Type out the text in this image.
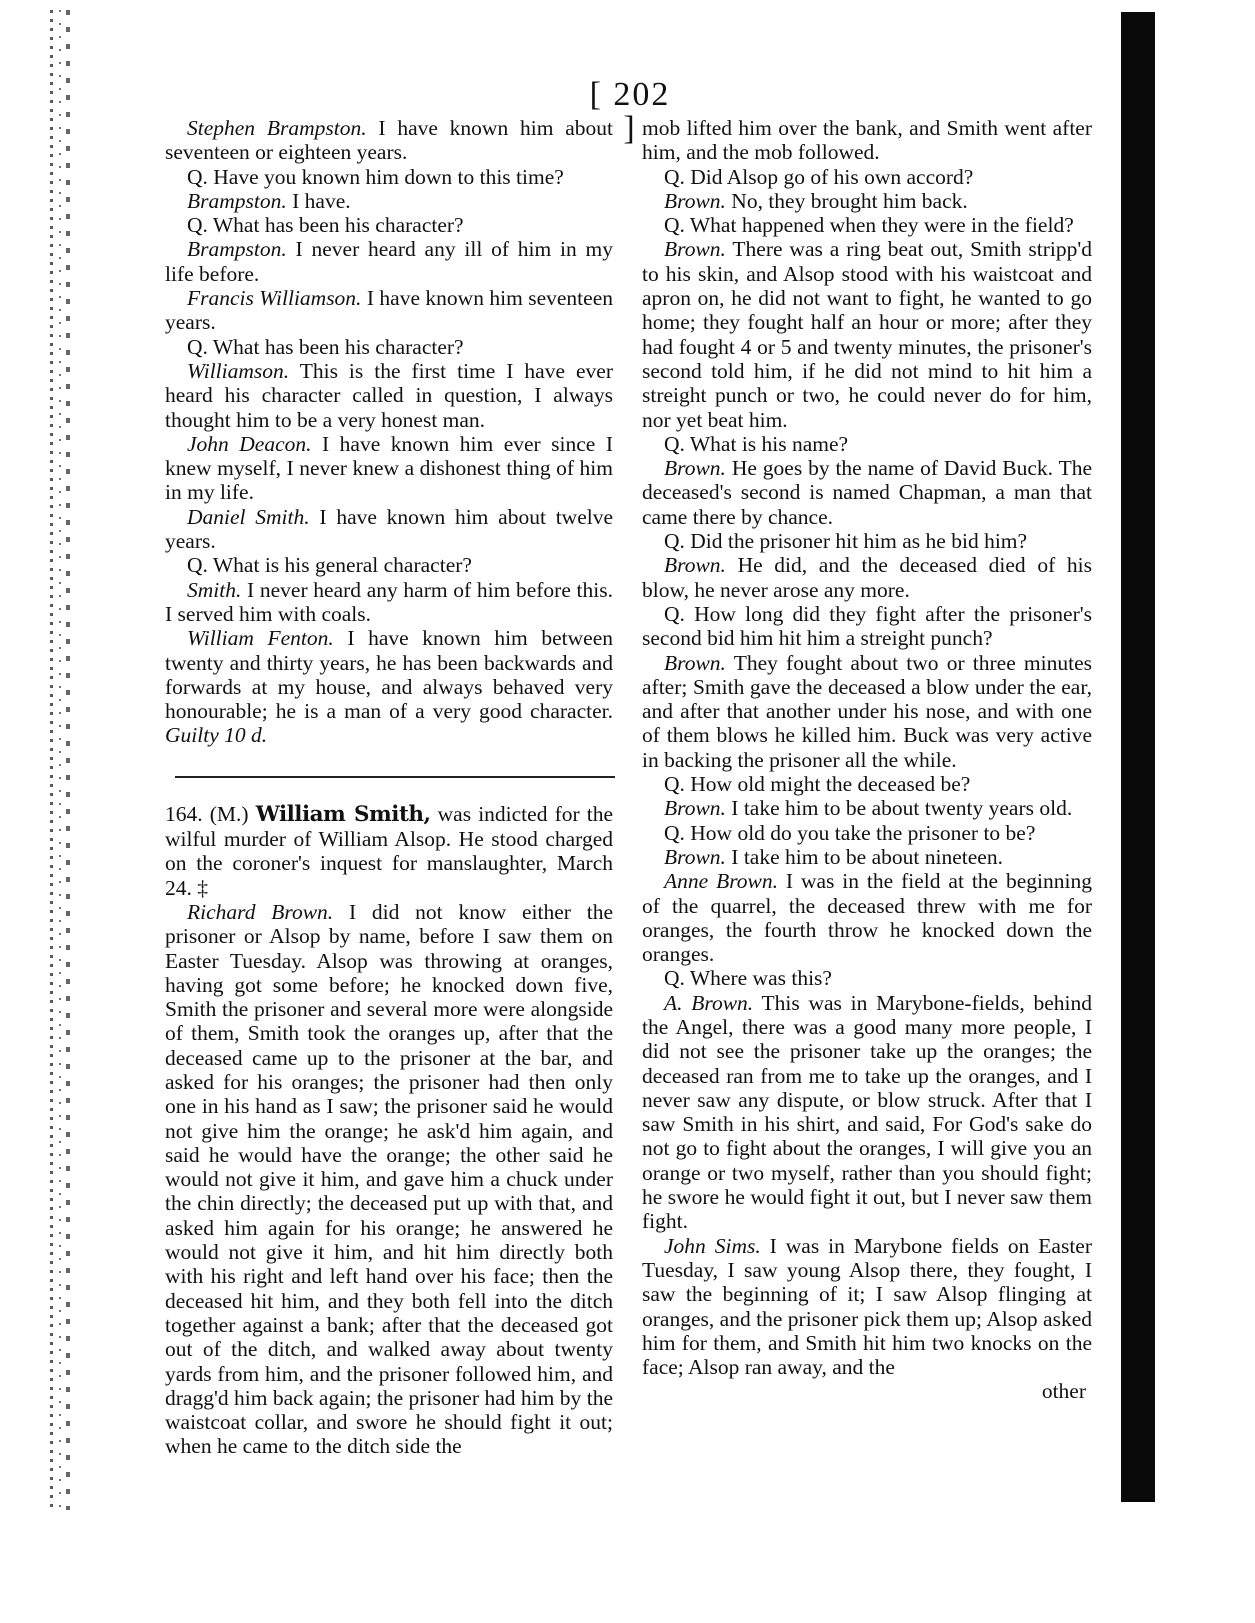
[ 202 ]

Stephen Brampston. I have known him about seventeen or eighteen years.

Q. Have you known him down to this time?

Brampston. I have.

Q. What has been his character?

Brampston. I never heard any ill of him in my life before.

Francis Williamson. I have known him seventeen years.

Q. What has been his character?

Williamson. This is the first time I have ever heard his character called in question, I always thought him to be a very honest man.

John Deacon. I have known him ever since I knew myself, I never knew a dishonest thing of him in my life.

Daniel Smith. I have known him about twelve years.

Q. What is his general character?

Smith. I never heard any harm of him before this. I served him with coals.

William Fenton. I have known him between twenty and thirty years, he has been backwards and forwards at my house, and always behaved very honourable; he is a man of a very good character. Guilty 10 d.

164. (M.) William Smith, was indicted for the wilful murder of William Alsop. He stood charged on the coroner's inquest for manslaughter, March 24. ‡

Richard Brown. I did not know either the prisoner or Alsop by name, before I saw them on Easter Tuesday. Alsop was throwing at oranges, having got some before; he knocked down five, Smith the prisoner and several more were alongside of them, Smith took the oranges up, after that the deceased came up to the prisoner at the bar, and asked for his oranges; the prisoner had then only one in his hand as I saw; the prisoner said he would not give him the orange; he ask'd him again, and said he would have the orange; the other said he would not give it him, and gave him a chuck under the chin directly; the deceased put up with that, and asked him again for his orange; he answered he would not give it him, and hit him directly both with his right and left hand over his face; then the deceased hit him, and they both fell into the ditch together against a bank; after that the deceased got out of the ditch, and walked away about twenty yards from him, and the prisoner followed him, and dragg'd him back again; the prisoner had him by the waistcoat collar, and swore he should fight it out; when he came to the ditch side the

mob lifted him over the bank, and Smith went after him, and the mob followed.

Q. Did Alsop go of his own accord?

Brown. No, they brought him back.

Q. What happened when they were in the field?

Brown. There was a ring beat out, Smith stripp'd to his skin, and Alsop stood with his waistcoat and apron on, he did not want to fight, he wanted to go home; they fought half an hour or more; after they had fought 4 or 5 and twenty minutes, the prisoner's second told him, if he did not mind to hit him a streight punch or two, he could never do for him, nor yet beat him.

Q. What is his name?

Brown. He goes by the name of David Buck. The deceased's second is named Chapman, a man that came there by chance.

Q. Did the prisoner hit him as he bid him?

Brown. He did, and the deceased died of his blow, he never arose any more.

Q. How long did they fight after the prisoner's second bid him hit him a streight punch?

Brown. They fought about two or three minutes after; Smith gave the deceased a blow under the ear, and after that another under his nose, and with one of them blows he killed him. Buck was very active in backing the prisoner all the while.

Q. How old might the deceased be?

Brown. I take him to be about twenty years old.

Q. How old do you take the prisoner to be?

Brown. I take him to be about nineteen.

Anne Brown. I was in the field at the beginning of the quarrel, the deceased threw with me for oranges, the fourth throw he knocked down the oranges.

Q. Where was this?

A. Brown. This was in Marybone-fields, behind the Angel, there was a good many more people, I did not see the prisoner take up the oranges; the deceased ran from me to take up the oranges, and I never saw any dispute, or blow struck. After that I saw Smith in his shirt, and said, For God's sake do not go to fight about the oranges, I will give you an orange or two myself, rather than you should fight; he swore he would fight it out, but I never saw them fight.

John Sims. I was in Marybone fields on Easter Tuesday, I saw young Alsop there, they fought, I saw the beginning of it; I saw Alsop flinging at oranges, and the prisoner pick them up; Alsop asked him for them, and Smith hit him two knocks on the face; Alsop ran away, and the

other
